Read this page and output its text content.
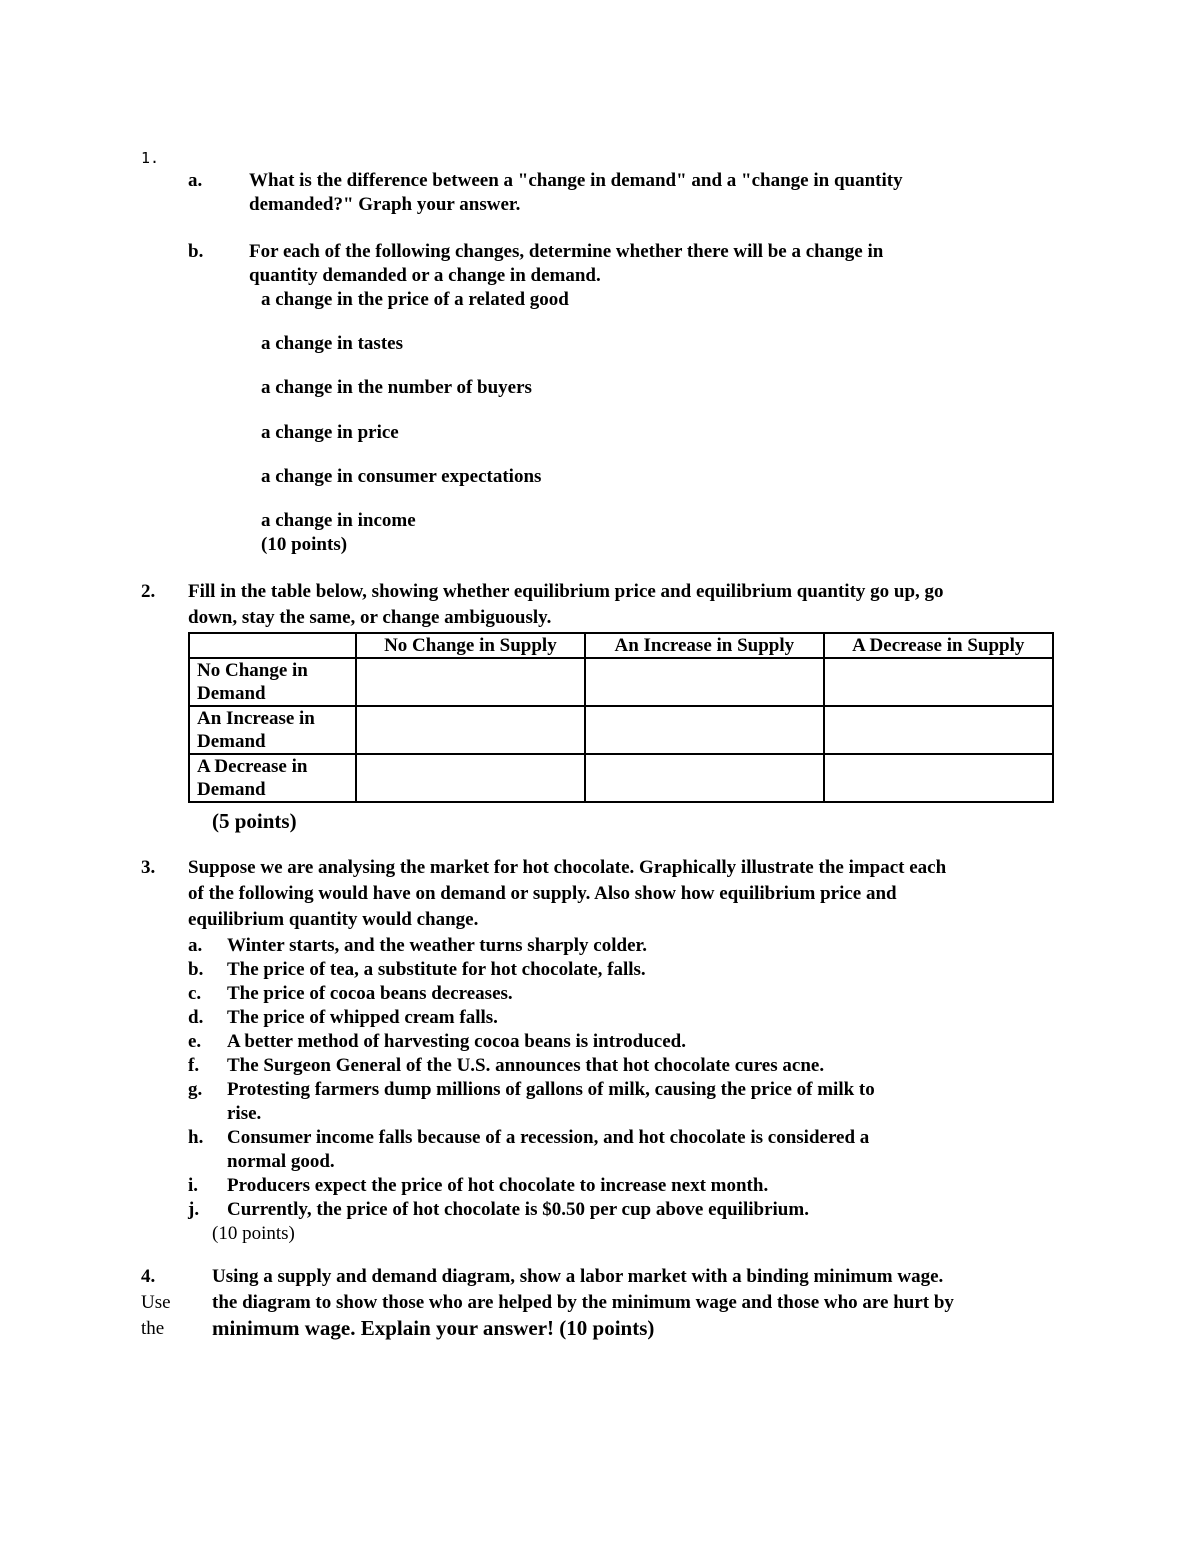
1.
a. What is the difference between a "change in demand" and a "change in quantity
demanded?" Graph your answer.
b. For each of the following changes, determine whether there will be a change in
quantity demanded or a change in demand.
a change in the price of a related good
a change in tastes
a change in the number of buyers
a change in price
a change in consumer expectations
a change in income
(10 points)
2. Fill in the table below, showing whether equilibrium price and equilibrium quantity go up, go
down, stay the same, or change ambiguously.
	No Change in Supply	An Increase in Supply	A Decrease in Supply
No Change in
Demand			
An Increase in
Demand			
A Decrease in
Demand			
(5 points)
3. Suppose we are analysing the market for hot chocolate. Graphically illustrate the impact each
of the following would have on demand or supply. Also show how equilibrium price and
equilibrium quantity would change.
a. Winter starts, and the weather turns sharply colder.
b. The price of tea, a substitute for hot chocolate, falls.
c. The price of cocoa beans decreases.
d. The price of whipped cream falls.
e. A better method of harvesting cocoa beans is introduced.
f. The Surgeon General of the U.S. announces that hot chocolate cures acne.
g. Protesting farmers dump millions of gallons of milk, causing the price of milk to
rise.
h. Consumer income falls because of a recession, and hot chocolate is considered a
normal good.
i. Producers expect the price of hot chocolate to increase next month.
j. Currently, the price of hot chocolate is $0.50 per cup above equilibrium.
(10 points)
4.
Use
the
Using a supply and demand diagram, show a labor market with a binding minimum wage.
the diagram to show those who are helped by the minimum wage and those who are hurt by
minimum wage. Explain your answer! (10 points)
